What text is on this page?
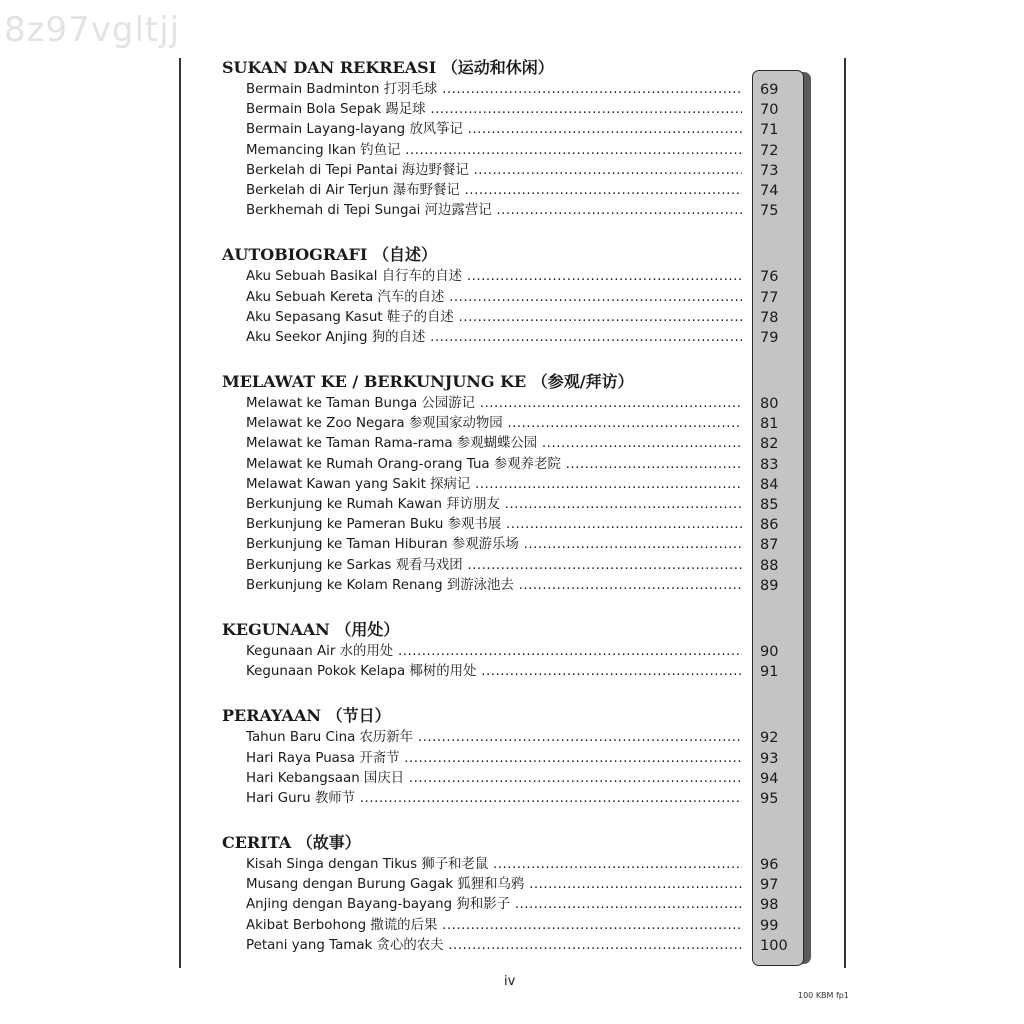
8z97vgltjj
SUKAN DAN REKREASI （运动和休闲）
Bermain Badminton 打羽毛球 .....	69
Bermain Bola Sepak 踢足球 .....	70
Bermain Layang-layang 放风筝记 .....	71
Memancing Ikan 钓鱼记 .....	72
Berkelah di Tepi Pantai 海边野餐记 .....	73
Berkelah di Air Terjun 瀑布野餐记 .....	74
Berkhemah di Tepi Sungai 河边露营记 .....	75
AUTOBIOGRAFI （自述）
Aku Sebuah Basikal 自行车的自述 .....	76
Aku Sebuah Kereta 汽车的自述 .....	77
Aku Sepasang Kasut 鞋子的自述 .....	78
Aku Seekor Anjing 狗的自述 .....	79
MELAWAT KE / BERKUNJUNG KE （参观/拜访）
Melawat ke Taman Bunga 公园游记 .....	80
Melawat ke Zoo Negara 参观国家动物园 .....	81
Melawat ke Taman Rama-rama 参观蝴蝶公园 .....	82
Melawat ke Rumah Orang-orang Tua 参观养老院 .....	83
Melawat Kawan yang Sakit 探病记 .....	84
Berkunjung ke Rumah Kawan 拜访朋友 .....	85
Berkunjung ke Pameran Buku 参观书展 .....	86
Berkunjung ke Taman Hiburan 参观游乐场 .....	87
Berkunjung ke Sarkas 观看马戏团 .....	88
Berkunjung ke Kolam Renang 到游泳池去 .....	89
KEGUNAAN （用处）
Kegunaan Air 水的用处 .....	90
Kegunaan Pokok Kelapa 椰树的用处 .....	91
PERAYAAN （节日）
Tahun Baru Cina 农历新年 .....	92
Hari Raya Puasa 开斋节 .....	93
Hari Kebangsaan 国庆日 .....	94
Hari Guru 教师节 .....	95
CERITA （故事）
Kisah Singa dengan Tikus 狮子和老鼠 .....	96
Musang dengan Burung Gagak 狐狸和乌鸦 .....	97
Anjing dengan Bayang-bayang 狗和影子 .....	98
Akibat Berbohong 撒谎的后果 .....	99
Petani yang Tamak 贪心的农夫 .....	100
iv
100 KBM fp1
